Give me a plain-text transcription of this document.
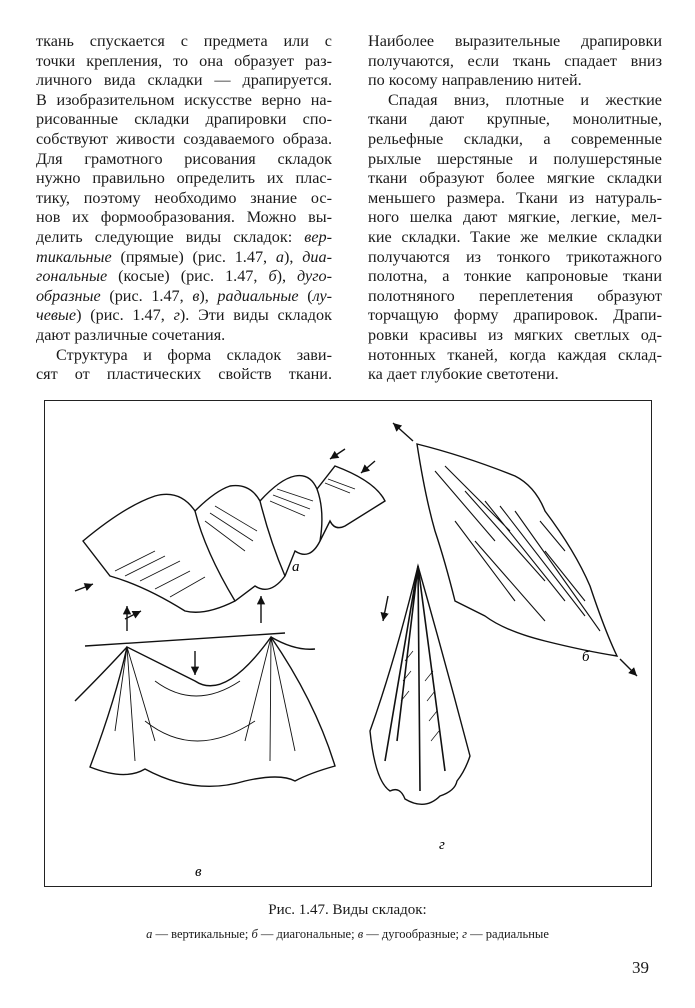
ткань спускается с предмета или с
точки крепления, то она образует раз-
личного вида складки — драпируется.
В изобразительном искусстве верно на-
рисованные складки драпировки спо-
собствуют живости создаваемого образа.
Для грамотного рисования складок
нужно правильно определить их плас-
тику, поэтому необходимо знание ос-
нов их формообразования. Можно вы-
делить следующие виды складок: вер-
тикальные (прямые) (рис. 1.47, а), диа-
гональные (косые) (рис. 1.47, б), дуго-
образные (рис. 1.47, в), радиальные (лу-
чевые) (рис. 1.47, г). Эти виды складок
дают различные сочетания.
Структура и форма складок зави-
сят от пластических свойств ткани.
Наиболее выразительные драпировки
получаются, если ткань спадает вниз
по косому направлению нитей.
Спадая вниз, плотные и жесткие
ткани дают крупные, монолитные,
рельефные складки, а современные
рыхлые шерстяные и полушерстяные
ткани образуют более мягкие складки
меньшего размера. Ткани из натураль-
ного шелка дают мягкие, легкие, мел-
кие складки. Такие же мелкие складки
получаются из тонкого трикотажного
полотна, а тонкие капроновые ткани
полотняного переплетения образуют
торчащую форму драпировок. Драпи-
ровки красивы из мягких светлых од-
нотонных тканей, когда каждая склад-
ка дает глубокие светотени.
а
б
в
г
Рис. 1.47. Виды складок:
а — вертикальные; б — диагональные; в — дугообразные; г — радиальные
39
